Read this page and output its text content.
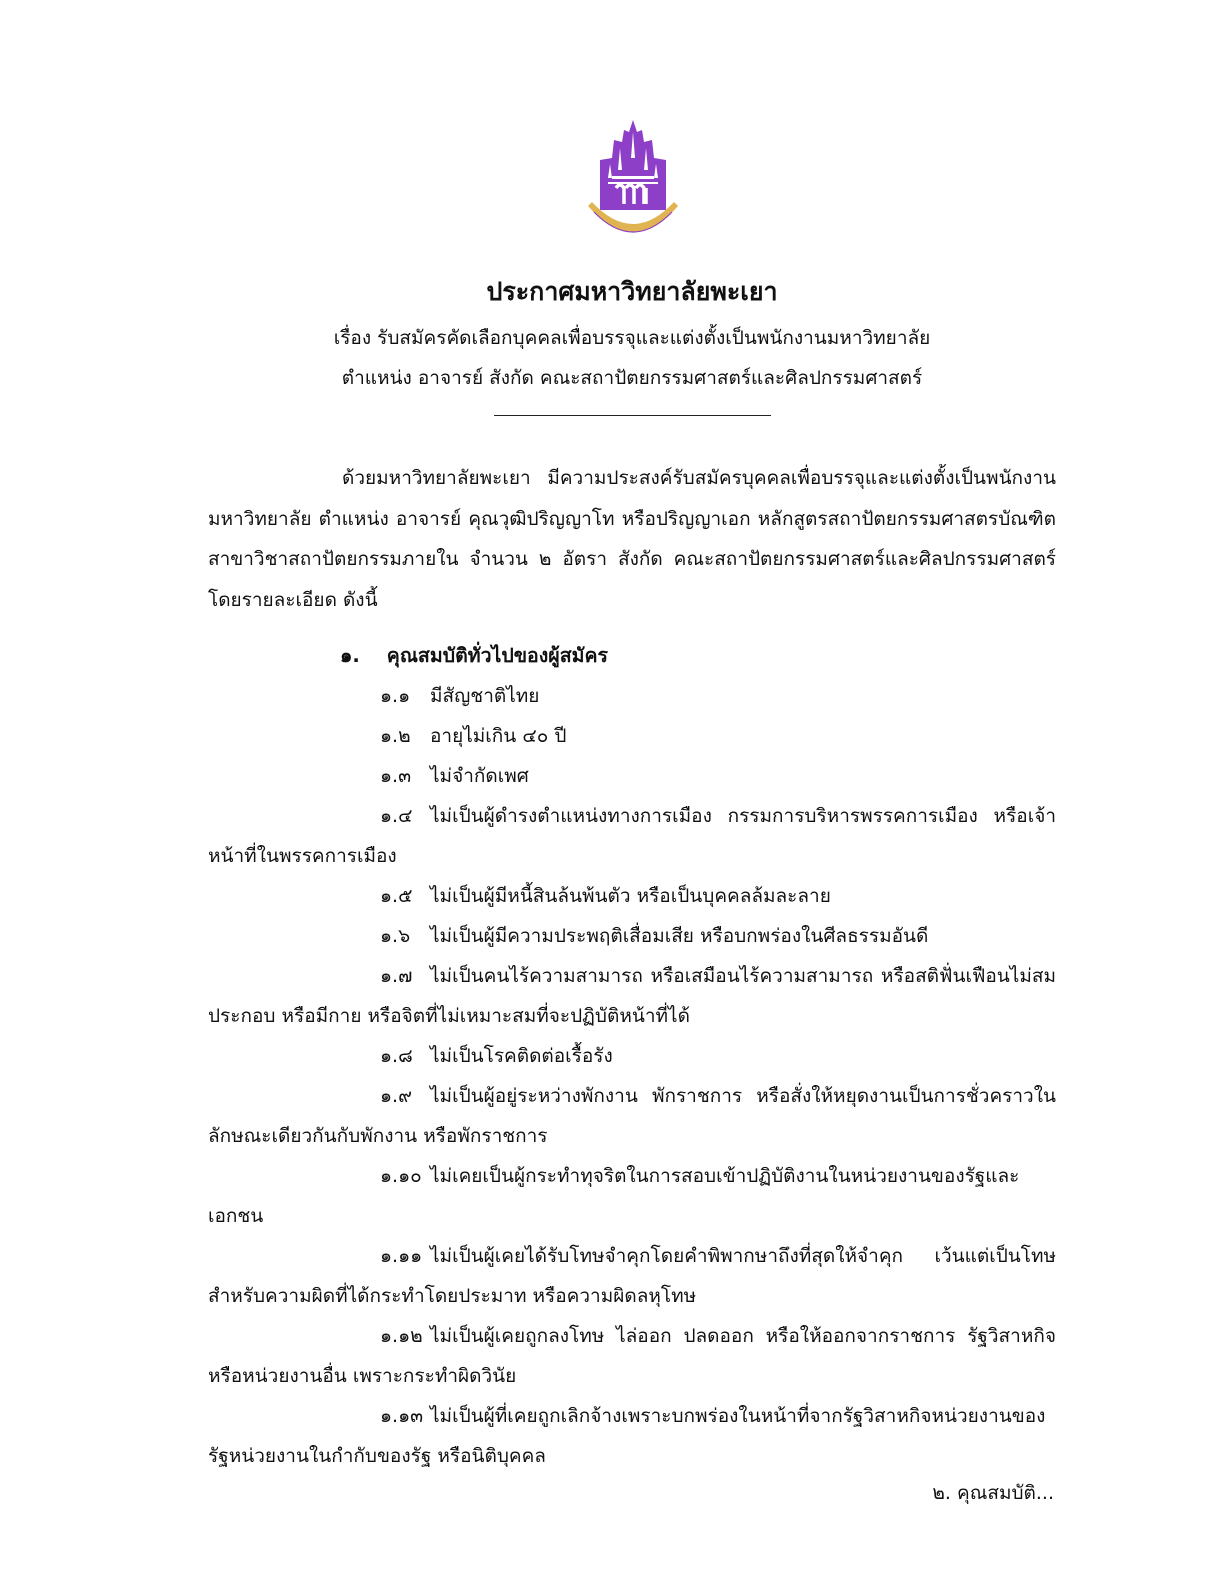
ประกาศมหาวิทยาลัยพะเยา
เรื่อง รับสมัครคัดเลือกบุคคลเพื่อบรรจุและแต่งตั้งเป็นพนักงานมหาวิทยาลัย
ตำแหน่ง อาจารย์ สังกัด คณะสถาปัตยกรรมศาสตร์และศิลปกรรมศาสตร์
ด้วยมหาวิทยาลัยพะเยา มีความประสงค์รับสมัครบุคคลเพื่อบรรจุและแต่งตั้งเป็นพนักงานมหาวิทยาลัย ตำแหน่ง อาจารย์ คุณวุฒิปริญญาโท หรือปริญญาเอก หลักสูตรสถาปัตยกรรมศาสตรบัณฑิต สาขาวิชาสถาปัตยกรรมภายใน จำนวน ๒ อัตรา สังกัด คณะสถาปัตยกรรมศาสตร์และศิลปกรรมศาสตร์ โดยรายละเอียด ดังนี้
๑. คุณสมบัติทั่วไปของผู้สมัคร
๑.๑ มีสัญชาติไทย
๑.๒ อายุไม่เกิน ๔๐ ปี
๑.๓ ไม่จำกัดเพศ
๑.๔ ไม่เป็นผู้ดำรงตำแหน่งทางการเมือง กรรมการบริหารพรรคการเมือง หรือเจ้าหน้าที่ในพรรคการเมือง
๑.๕ ไม่เป็นผู้มีหนี้สินล้นพ้นตัว หรือเป็นบุคคลล้มละลาย
๑.๖ ไม่เป็นผู้มีความประพฤติเสื่อมเสีย หรือบกพร่องในศีลธรรมอันดี
๑.๗ ไม่เป็นคนไร้ความสามารถ หรือเสมือนไร้ความสามารถ หรือสติฟั่นเฟือนไม่สมประกอบ หรือมีกาย หรือจิตที่ไม่เหมาะสมที่จะปฏิบัติหน้าที่ได้
๑.๘ ไม่เป็นโรคติดต่อเรื้อรัง
๑.๙ ไม่เป็นผู้อยู่ระหว่างพักงาน พักราชการ หรือสั่งให้หยุดงานเป็นการชั่วคราวในลักษณะเดียวกันกับพักงาน หรือพักราชการ
๑.๑๐ ไม่เคยเป็นผู้กระทำทุจริตในการสอบเข้าปฏิบัติงานในหน่วยงานของรัฐและเอกชน
๑.๑๑ ไม่เป็นผู้เคยได้รับโทษจำคุกโดยคำพิพากษาถึงที่สุดให้จำคุก เว้นแต่เป็นโทษสำหรับความผิดที่ได้กระทำโดยประมาท หรือความผิดลหุโทษ
๑.๑๒ ไม่เป็นผู้เคยถูกลงโทษ ไล่ออก ปลดออก หรือให้ออกจากราชการ รัฐวิสาหกิจ หรือหน่วยงานอื่น เพราะกระทำผิดวินัย
๑.๑๓ ไม่เป็นผู้ที่เคยถูกเลิกจ้างเพราะบกพร่องในหน้าที่จากรัฐวิสาหกิจหน่วยงานของรัฐหน่วยงานในกำกับของรัฐ หรือนิติบุคคล
๒. คุณสมบัติ...
